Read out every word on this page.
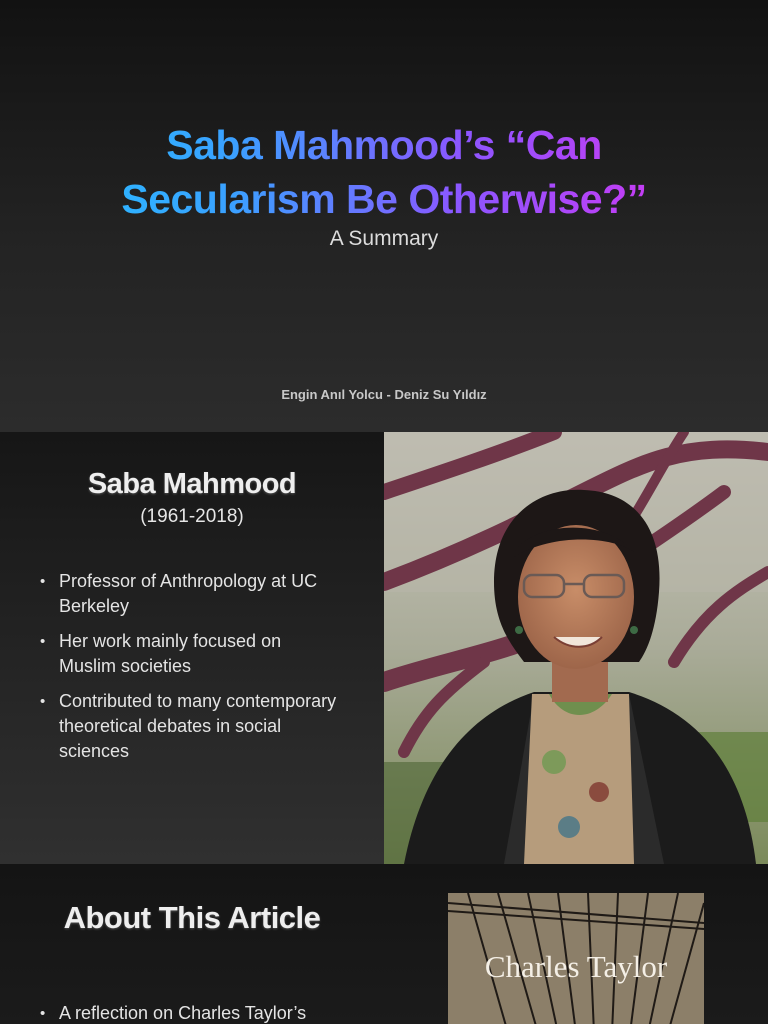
Saba Mahmood’s “Can
Secularism Be Otherwise?”
A Summary
Engin Anıl Yolcu - Deniz Su Yıldız
Saba Mahmood
(1961-2018)
• Professor of Anthropology at UC Berkeley
• Her work mainly focused on Muslim societies
• Contributed to many contemporary theoretical debates in social sciences
About This Article
• A reflection on Charles Taylor’s
Charles Taylor
